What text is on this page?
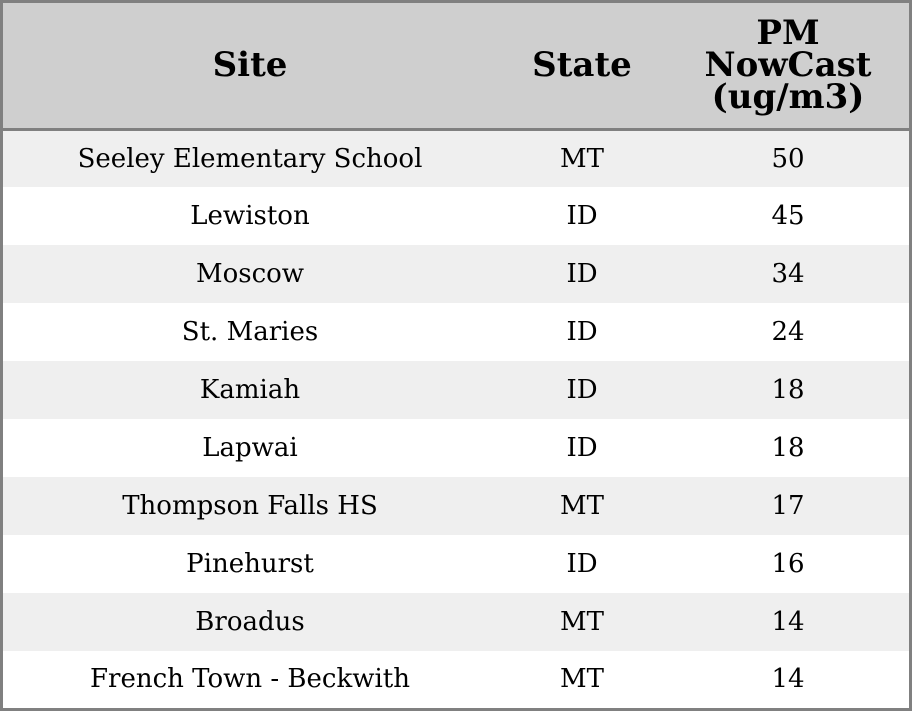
Site	State	PM NowCast (ug/m3)

Seeley Elementary School	MT	50
Lewiston	ID	45
Moscow	ID	34
St. Maries	ID	24
Kamiah	ID	18
Lapwai	ID	18
Thompson Falls HS	MT	17
Pinehurst	ID	16
Broadus	MT	14
French Town - Beckwith	MT	14
